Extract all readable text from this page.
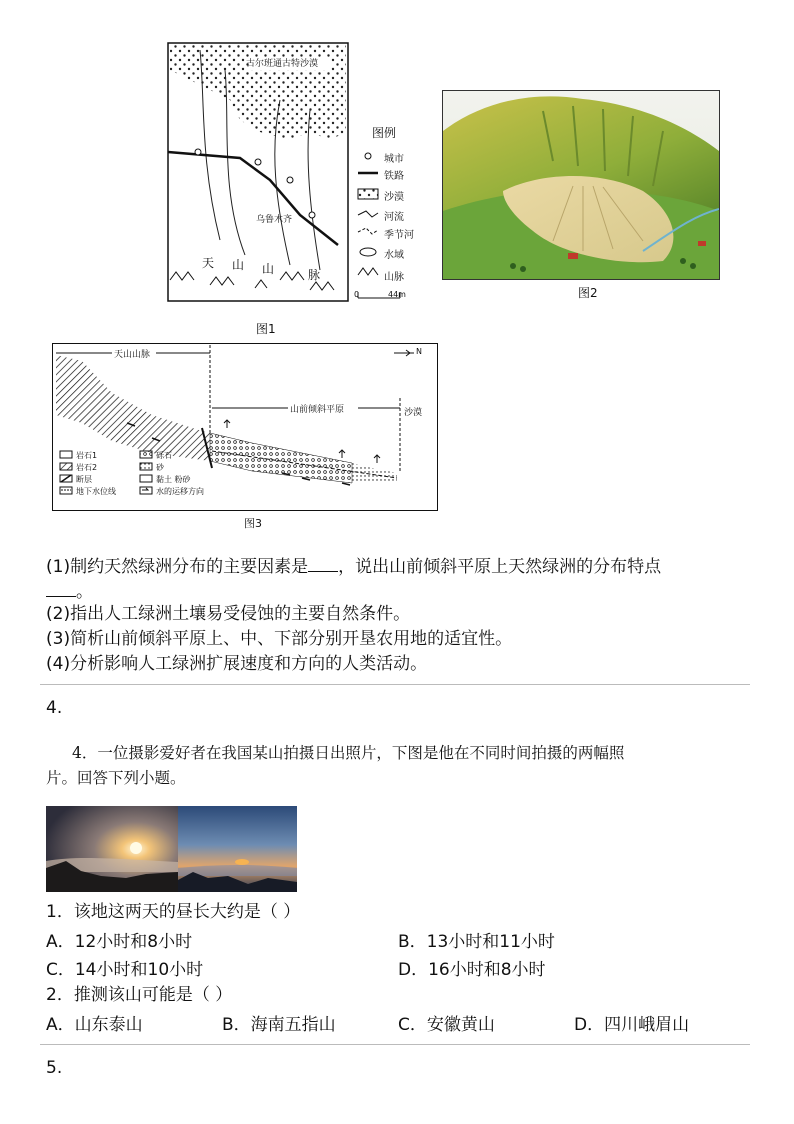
古尔班通古特沙漠
乌鲁木齐
天 山 山	脉
图例
城市
铁路
沙漠
河流
季节河
水域
山脉
0	44m
图1
图2
天山山脉
山前倾斜平原	沙漠
N
岩石1	砾石
岩石2	砂
断层	黏土 粉砂
地下水位线	水的运移方向
图3
(1)制约天然绿洲分布的主要因素是 ，说出山前倾斜平原上天然绿洲的分布特点
。
(2)指出人工绿洲土壤易受侵蚀的主要自然条件。
(3)简析山前倾斜平原上、中、下部分别开垦农用地的适宜性。
(4)分析影响人工绿洲扩展速度和方向的人类活动。
4.
4．一位摄影爱好者在我国某山拍摄日出照片，下图是他在不同时间拍摄的两幅照
片。回答下列小题。
1．该地这两天的昼长大约是（ ）
A．12小时和8小时	B．13小时和11小时
C．14小时和10小时	D．16小时和8小时
2．推测该山可能是（ ）
A．山东泰山	B．海南五指山	C．安徽黄山	D．四川峨眉山
5.
